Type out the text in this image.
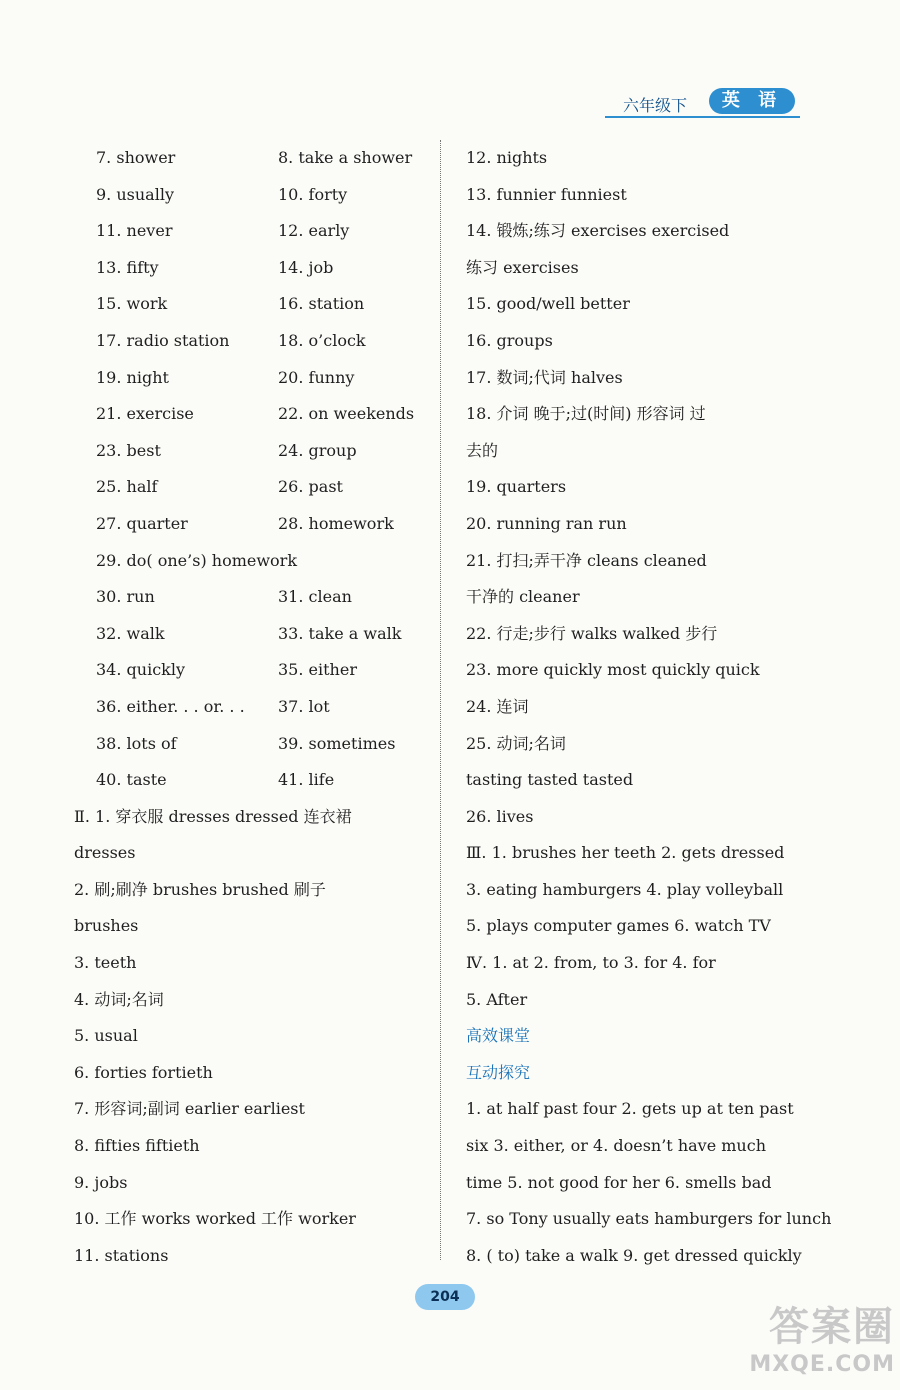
六年级下	英 语
7. shower	8. take a shower
9. usually	10. forty
11. never	12. early
13. fifty	14. job
15. work	16. station
17. radio station	18. o’clock
19. night	20. funny
21. exercise	22. on weekends
23. best	24. group
25. half	26. past
27. quarter	28. homework
29. do( one’s) homework
30. run	31. clean
32. walk	33. take a walk
34. quickly	35. either
36. either. . . or. . . 37. lot
38. lots of	39. sometimes
40. taste	41. life
Ⅱ. 1. 穿衣服 dresses dressed 连衣裙
dresses
2. 刷;刷净 brushes brushed 刷子
brushes
3. teeth
4. 动词;名词
5. usual
6. forties fortieth
7. 形容词;副词 earlier earliest
8. fifties fiftieth
9. jobs
10. 工作 works worked 工作 worker
11. stations
12. nights
13. funnier funniest
14. 锻炼;练习 exercises exercised
练习 exercises
15. good/well better
16. groups
17. 数词;代词 halves
18. 介词 晚于;过(时间) 形容词 过
去的
19. quarters
20. running ran run
21. 打扫;弄干净 cleans cleaned
干净的 cleaner
22. 行走;步行 walks walked 步行
23. more quickly most quickly quick
24. 连词
25. 动词;名词
tasting tasted tasted
26. lives
Ⅲ. 1. brushes her teeth 2. gets dressed
3. eating hamburgers 4. play volleyball
5. plays computer games 6. watch TV
Ⅳ. 1. at 2. from, to 3. for 4. for
5. After
高效课堂
互动探究
1. at half past four 2. gets up at ten past
six 3. either, or 4. doesn’t have much
time 5. not good for her 6. smells bad
7. so Tony usually eats hamburgers for lunch
8. ( to) take a walk 9. get dressed quickly
204
答案圈
MXQE.COM
